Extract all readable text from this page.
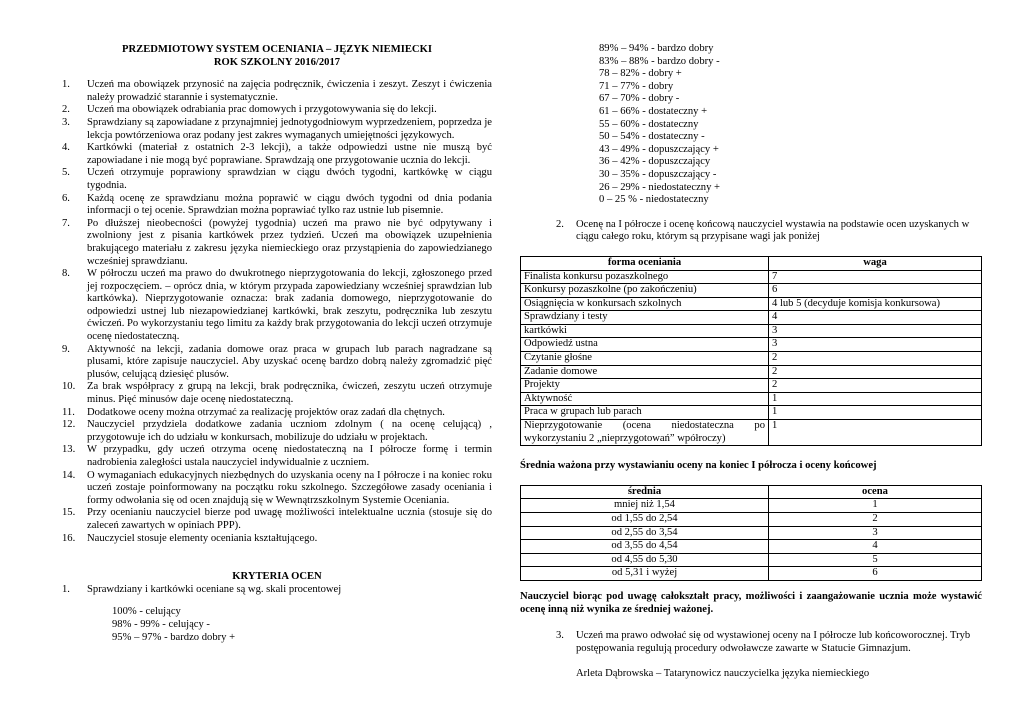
PRZEDMIOTOWY SYSTEM OCENIANIA – JĘZYK NIEMIECKI

ROK SZKOLNY 2016/2017

1. Uczeń ma obowiązek przynosić na zajęcia podręcznik, ćwiczenia i zeszyt. Zeszyt i ćwiczenia należy prowadzić starannie i systematycznie.
2. Uczeń ma obowiązek odrabiania prac domowych i przygotowywania się do lekcji.
3. Sprawdziany są zapowiadane z przynajmniej jednotygodniowym wyprzedzeniem, poprzedza je lekcja powtórzeniowa oraz podany jest zakres wymaganych umiejętności językowych.
4. Kartkówki (materiał z ostatnich 2-3 lekcji), a także odpowiedzi ustne nie muszą być zapowiadane i nie mogą być poprawiane. Sprawdzają one przygotowanie ucznia do lekcji.
5. Uczeń otrzymuje poprawiony sprawdzian w ciągu dwóch tygodni, kartkówkę w ciągu tygodnia.
6. Każdą ocenę ze sprawdzianu można poprawić w ciągu dwóch tygodni od dnia podania informacji o tej ocenie. Sprawdzian można poprawiać tylko raz ustnie lub pisemnie.
7. Po dłuższej nieobecności (powyżej tygodnia) uczeń ma prawo nie być odpytywany i zwolniony jest z pisania kartkówek przez tydzień. Uczeń ma obowiązek uzupełnienia brakującego materiału z zakresu języka niemieckiego oraz przystąpienia do zapowiedzianego wcześniej sprawdzianu.
8. W półroczu uczeń ma prawo do dwukrotnego nieprzygotowania do lekcji, zgłoszonego przed jej rozpoczęciem. – oprócz dnia, w którym przypada zapowiedziany wcześniej sprawdzian lub kartkówka). Nieprzygotowanie oznacza: brak zadania domowego, nieprzygotowanie do odpowiedzi ustnej lub niezapowiedzianej kartkówki, brak zeszytu, podręcznika lub zeszytu ćwiczeń. Po wykorzystaniu tego limitu za każdy brak przygotowania do lekcji uczeń otrzymuje ocenę niedostateczną.
9. Aktywność na lekcji, zadania domowe oraz praca w grupach lub parach nagradzane są plusami, które zapisuje nauczyciel. Aby uzyskać ocenę bardzo dobrą należy zgromadzić pięć plusów, celującą dziesięć plusów.
10. Za brak współpracy z grupą na lekcji, brak podręcznika, ćwiczeń, zeszytu uczeń otrzymuje minus. Pięć minusów daje ocenę niedostateczną.
11. Dodatkowe oceny można otrzymać za realizację projektów oraz zadań dla chętnych.
12. Nauczyciel przydziela dodatkowe zadania uczniom zdolnym ( na ocenę celującą) , przygotowuje ich do udziału w konkursach, mobilizuje do udziału w projektach.
13. W przypadku, gdy uczeń otrzyma ocenę niedostateczną na I półrocze formę i termin nadrobienia zaległości ustala nauczyciel indywidualnie z uczniem.
14. O wymaganiach edukacyjnych niezbędnych do uzyskania oceny na I półrocze i na koniec roku uczeń zostaje poinformowany na początku roku szkolnego. Szczegółowe zasady oceniania i formy odwołania się od ocen znajdują się w Wewnątrzszkolnym Systemie Oceniania.
15. Przy ocenianiu nauczyciel bierze pod uwagę możliwości intelektualne ucznia (stosuje się do zaleceń zawartych w opiniach PPP).
16. Nauczyciel stosuje elementy oceniania kształtującego.
KRYTERIA OCEN
1. Sprawdziany i kartkówki oceniane są wg. skali procentowej
100% - celujący
98% - 99% - celujący -
95% – 97% - bardzo dobry +
89% – 94% - bardzo dobry
83% – 88% - bardzo dobry -
78 – 82% - dobry +
71 – 77% - dobry
67 – 70% - dobry -
61 – 66% - dostateczny +
55 – 60% - dostateczny
50 – 54% - dostateczny -
43 – 49% - dopuszczający +
36 – 42% - dopuszczający
30 – 35% - dopuszczający -
26 – 29% - niedostateczny +
0 – 25 % - niedostateczny
2. Ocenę na I półrocze i ocenę końcową nauczyciel wystawia na podstawie ocen uzyskanych w ciągu całego roku, którym są przypisane wagi jak poniżej
forma oceniania	waga
Finalista konkursu pozaszkolnego	7
Konkursy pozaszkolne (po zakończeniu)	6
Osiągnięcia w konkursach szkolnych	4 lub 5 (decyduje komisja konkursowa)
Sprawdziany i testy	4
kartkówki	3
Odpowiedź ustna	3
Czytanie głośne	2
Zadanie domowe	2
Projekty	2
Aktywność	1
Praca w grupach lub parach	1
Nieprzygotowanie (ocena niedostateczna po wykorzystaniu 2 „nieprzygotowań” wpółroczy)	1
Średnia ważona przy wystawianiu oceny na koniec I półrocza i oceny końcowej
średnia	ocena
mniej niż 1,54	1
od 1,55 do 2,54	2
od 2,55 do 3,54	3
od 3,55 do 4,54	4
od 4,55 do 5,30	5
od 5,31 i wyżej	6
Nauczyciel biorąc pod uwagę całokształt pracy, możliwości i zaangażowanie ucznia może wystawić ocenę inną niż wynika ze średniej ważonej.
3. Uczeń ma prawo odwołać się od wystawionej oceny na I półrocze lub końcoworocznej. Tryb postępowania regulują procedury odwoławcze zawarte w Statucie Gimnazjum.
Arleta Dąbrowska – Tatarynowicz nauczycielka języka niemieckiego
